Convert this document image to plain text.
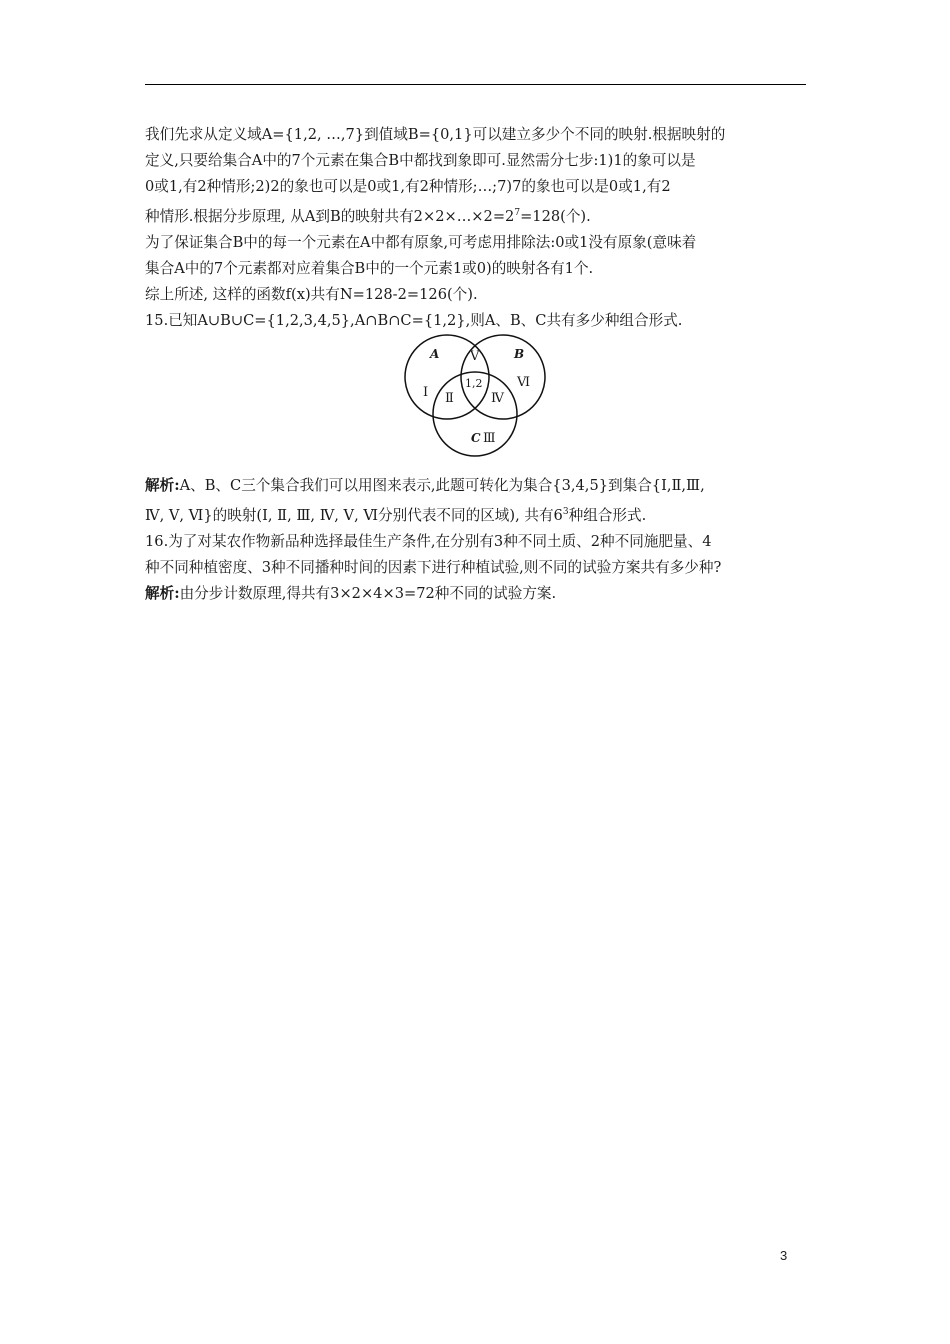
我们先求从定义域A={1,2, …,7}到值域B={0,1}可以建立多少个不同的映射.根据映射的

定义,只要给集合A中的7个元素在集合B中都找到象即可.显然需分七步:1)1的象可以是

0或1,有2种情形;2)2的象也可以是0或1,有2种情形;…;7)7的象也可以是0或1,有2

种情形.根据分步原理, 从A到B的映射共有$2\times 2\times\dots\times 2=2^7=128$(个).

为了保证集合B中的每一个元素在A中都有原象,可考虑用排除法:0或1没有原象(意味着

集合A中的7个元素都对应着集合B中的一个元素1或0)的映射各有1个.

综上所述, 这样的函数f(x)共有N=128-2=126(个).

15.已知A∪B∪C={1,2,3,4,5},A∩B∩C={1,2},则A、B、C共有多少种组合形式.

A	B
C
Ⅴ
Ⅵ
Ⅰ Ⅱ	Ⅳ
Ⅲ
1,2

解析:A、B、C三个集合我们可以用图来表示,此题可转化为集合{3,4,5}到集合{Ⅰ,Ⅱ,Ⅲ,

Ⅳ, Ⅴ, Ⅵ}的映射(Ⅰ, Ⅱ, Ⅲ, Ⅳ, Ⅴ, Ⅵ分别代表不同的区域), 共有$6^3$种组合形式.

16.为了对某农作物新品种选择最佳生产条件,在分别有3种不同土质、2种不同施肥量、4

种不同种植密度、3种不同播种时间的因素下进行种植试验,则不同的试验方案共有多少种?

解析:由分步计数原理,得共有3×2×4×3=72种不同的试验方案.

3
